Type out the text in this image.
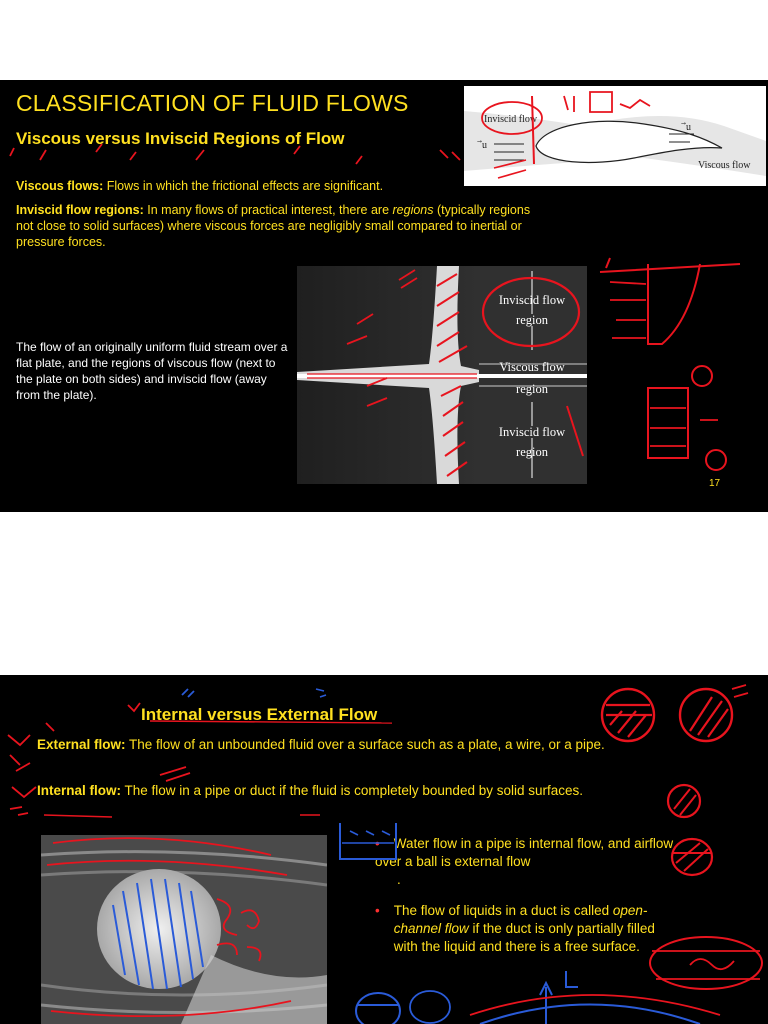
CLASSIFICATION OF FLUID FLOWS
Viscous versus Inviscid Regions of Flow
Inviscid flow
Viscous flow
⃗u
⃗u
Viscous flows: Flows in which the frictional effects are significant.
Inviscid flow regions: In many flows of practical interest, there are regions (typically regions not close to solid surfaces) where viscous forces are negligibly small compared to inertial or pressure forces.
The flow of an originally uniform fluid stream over a flat plate, and the regions of viscous flow (next to the plate on both sides) and inviscid flow (away from the plate).
Inviscid flow
region
Viscous flow
region
Inviscid flow
region
17
Internal versus External Flow
External flow: The flow of an unbounded fluid over a surface such as a plate, a wire, or a pipe.
Internal flow: The flow in a pipe or duct if the fluid is completely bounded by solid surfaces.
• Water flow in a pipe is internal flow, and airflow over a ball is external flow
.
• The flow of liquids in a duct is called open-channel flow if the duct is only partially filled with the liquid and there is a free surface.
